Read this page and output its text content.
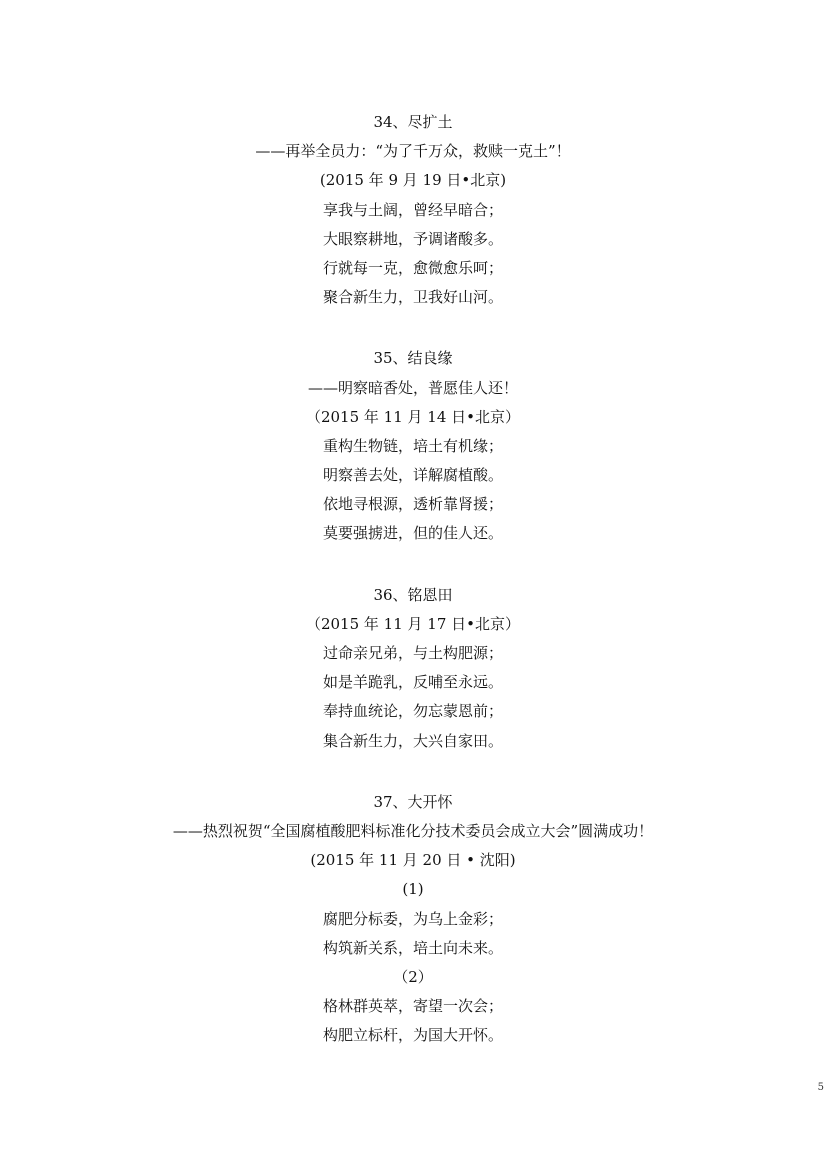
34、尽扩土
——再举全员力：“为了千万众，救赎一克土”！
(2015 年 9 月 19 日•北京)
享我与土阔，曾经早暗合；
大眼察耕地，予调诸酸多。
行就每一克，愈微愈乐呵；
聚合新生力，卫我好山河。
35、结良缘
——明察暗香处，普愿佳人还！
（2015 年 11 月 14 日•北京）
重构生物链，培土有机缘；
明察善去处，详解腐植酸。
依地寻根源，透析靠肾援；
莫要强掳进，但的佳人还。
36、铭恩田
（2015 年 11 月 17 日•北京）
过命亲兄弟，与土构肥源；
如是羊跪乳，反哺至永远。
奉持血统论，勿忘蒙恩前；
集合新生力，大兴自家田。
37、大开怀
——热烈祝贺“全国腐植酸肥料标准化分技术委员会成立大会”圆满成功！
(2015 年 11 月 20 日 • 沈阳)
(1)
腐肥分标委，为乌上金彩；
构筑新关系，培土向未来。
（2）
格林群英萃，寄望一次会；
构肥立标杆，为国大开怀。
5
